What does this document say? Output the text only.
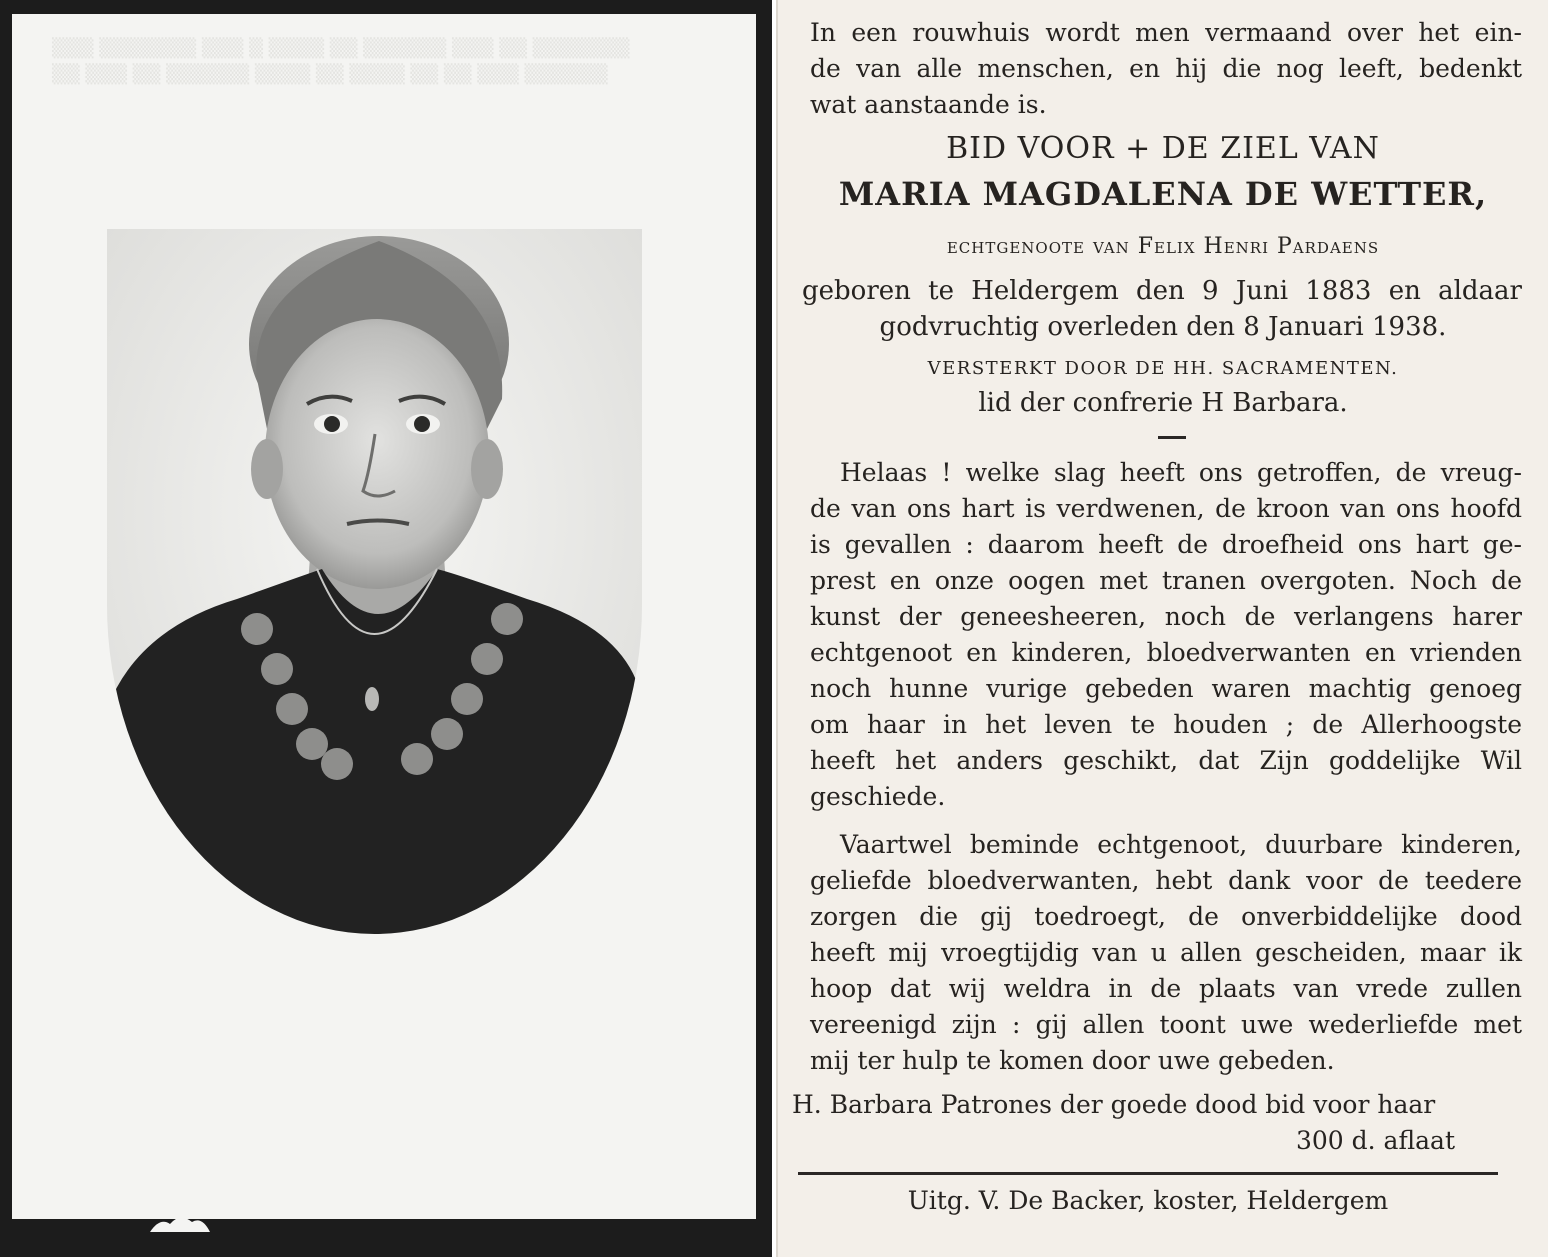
▒▒▒ ▒▒▒▒▒▒▒ ▒▒▒ ▒ ▒▒▒▒ ▒▒ ▒▒▒▒▒▒ ▒▒▒ ▒▒ ▒▒▒▒▒▒▒
▒▒ ▒▒▒ ▒▒ ▒▒▒▒▒▒ ▒▒▒▒ ▒▒ ▒▒▒▒ ▒▒ ▒▒ ▒▒▒ ▒▒▒▒▒▒
In een rouwhuis wordt men vermaand over het ein-
de van alle menschen, en hij die nog leeft, bedenkt
wat aanstaande is.
BID VOOR + DE ZIEL VAN
MARIA MAGDALENA DE WETTER,
echtgenoote van Felix Henri Pardaens
geboren te Heldergem den 9 Juni 1883 en aldaar
godvruchtig overleden den 8 Januari 1938.
VERSTERKT DOOR DE HH. SACRAMENTEN.
lid der confrerie H Barbara.
Helaas ! welke slag heeft ons getroffen, de vreug-
de van ons hart is verdwenen, de kroon van ons hoofd
is gevallen : daarom heeft de droefheid ons hart ge-
prest en onze oogen met tranen overgoten. Noch de
kunst der geneesheeren, noch de verlangens harer
echtgenoot en kinderen, bloedverwanten en vrienden
noch hunne vurige gebeden waren machtig genoeg
om haar in het leven te houden ; de Allerhoogste
heeft het anders geschikt, dat Zijn goddelijke Wil
geschiede.
Vaartwel beminde echtgenoot, duurbare kinderen,
geliefde bloedverwanten, hebt dank voor de teedere
zorgen die gij toedroegt, de onverbiddelijke dood
heeft mij vroegtijdig van u allen gescheiden, maar ik
hoop dat wij weldra in de plaats van vrede zullen
vereenigd zijn : gij allen toont uwe wederliefde met
mij ter hulp te komen door uwe gebeden.
H. Barbara Patrones der goede dood bid voor haar
300 d. aflaat
Uitg. V. De Backer, koster, Heldergem
